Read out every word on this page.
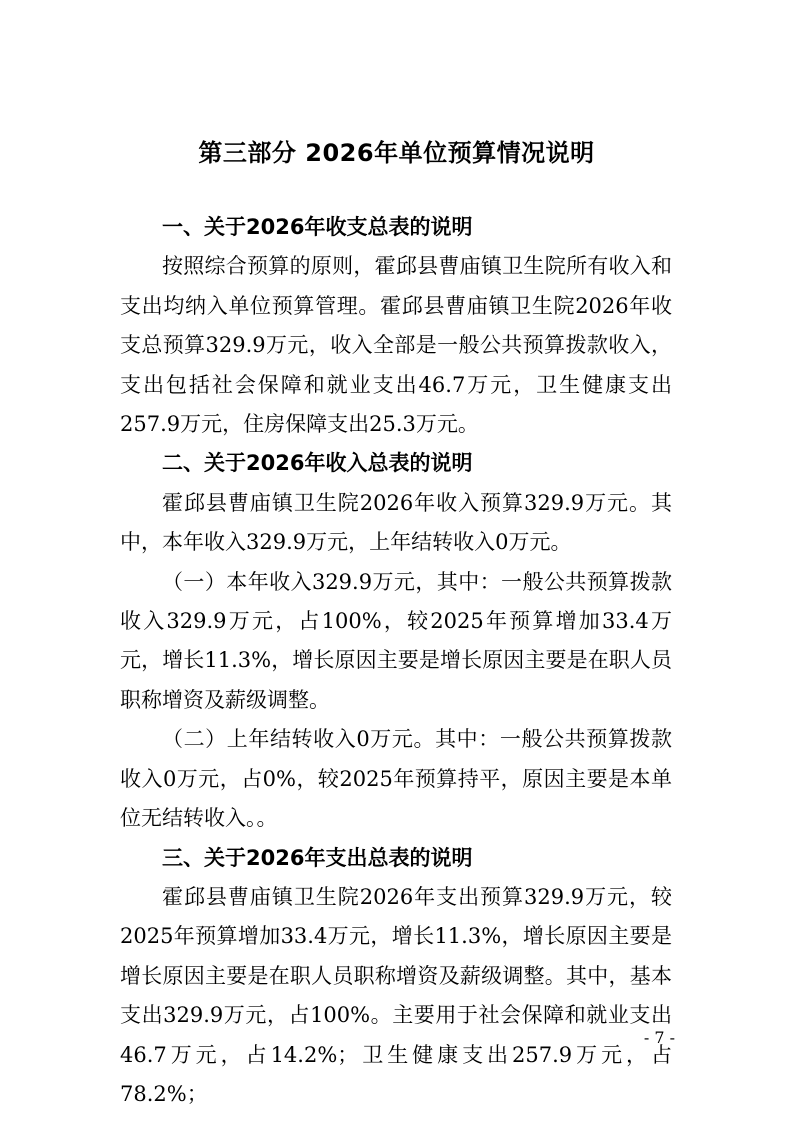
第三部分 2026年单位预算情况说明

一、关于2026年收支总表的说明

按照综合预算的原则，霍邱县曹庙镇卫生院所有收入和支出均纳入单位预算管理。霍邱县曹庙镇卫生院2026年收支总预算329.9万元，收入全部是一般公共预算拨款收入，支出包括社会保障和就业支出46.7万元，卫生健康支出257.9万元，住房保障支出25.3万元。

二、关于2026年收入总表的说明

霍邱县曹庙镇卫生院2026年收入预算329.9万元。其中，本年收入329.9万元，上年结转收入0万元。

（一）本年收入329.9万元，其中：一般公共预算拨款收入329.9万元，占100%，较2025年预算增加33.4万元，增长11.3%，增长原因主要是增长原因主要是在职人员职称增资及薪级调整。

（二）上年结转收入0万元。其中：一般公共预算拨款收入0万元，占0%，较2025年预算持平，原因主要是本单位无结转收入。。

三、关于2026年支出总表的说明

霍邱县曹庙镇卫生院2026年支出预算329.9万元，较2025年预算增加33.4万元，增长11.3%，增长原因主要是增长原因主要是在职人员职称增资及薪级调整。其中，基本支出329.9万元，占100%。主要用于社会保障和就业支出46.7万元，占14.2%；卫生健康支出257.9万元，占78.2%；

- 7 -
